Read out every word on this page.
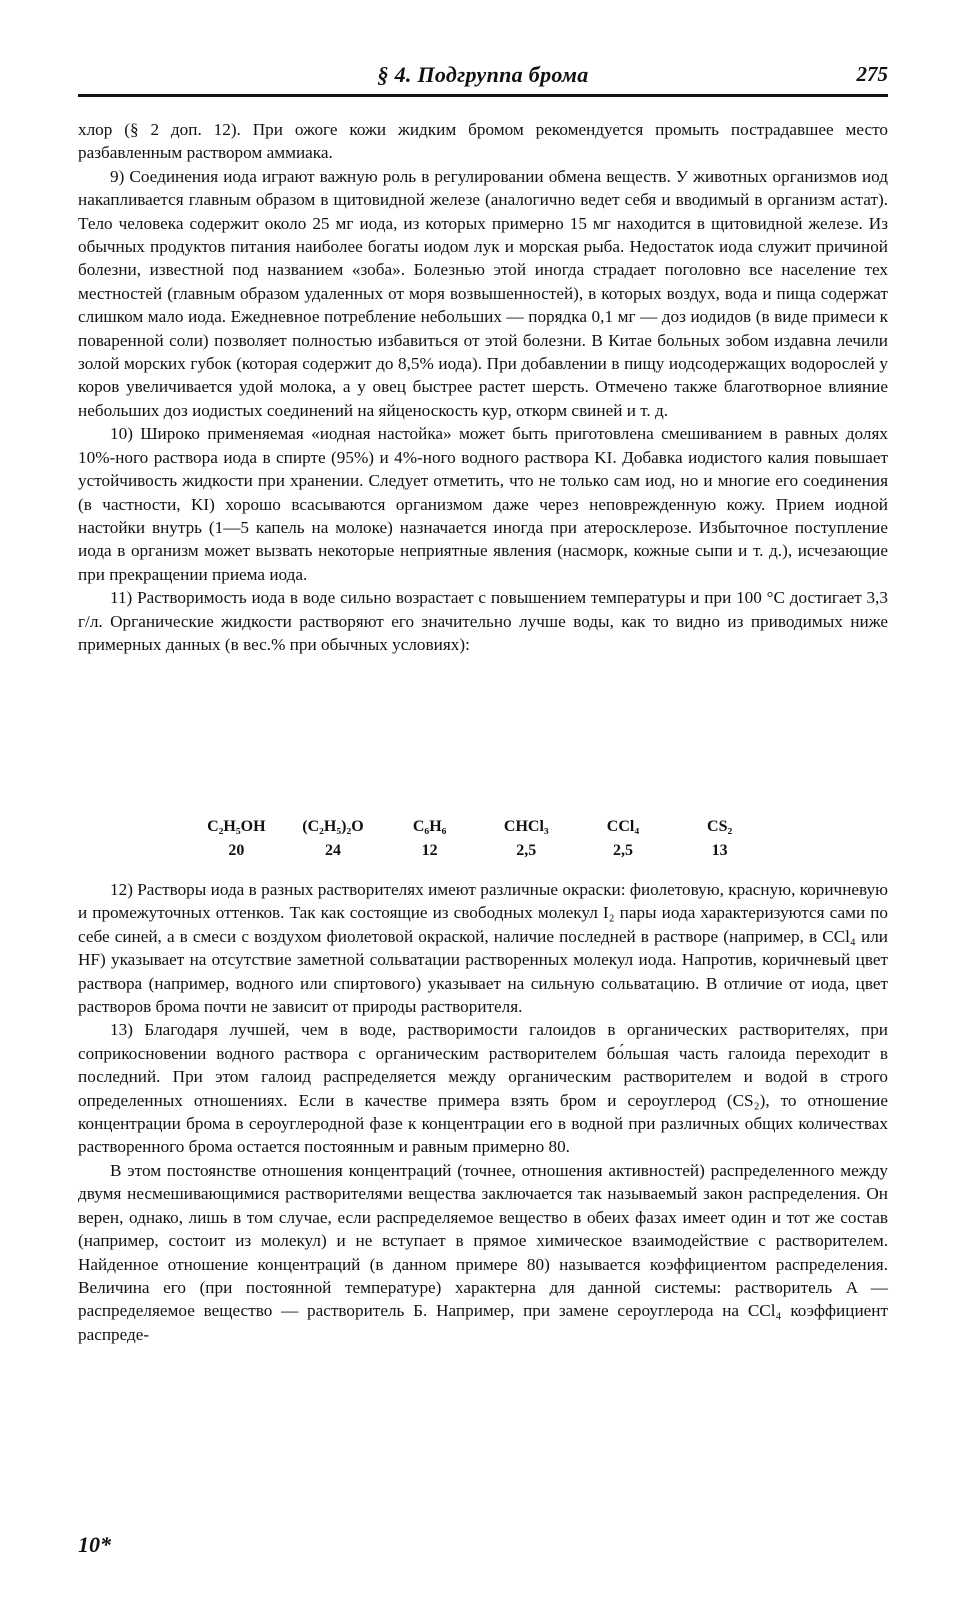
§ 4. Подгруппа брома	275

хлор (§ 2 доп. 12). При ожоге кожи жидким бромом рекомендуется промыть пострадавшее место разбавленным раствором аммиака.

9) Соединения иода играют важную роль в регулировании обмена веществ. У животных организмов иод накапливается главным образом в щитовидной железе (аналогично ведет себя и вводимый в организм астат). Тело человека содержит около 25 мг иода, из которых примерно 15 мг находится в щитовидной железе. Из обычных продуктов питания наиболее богаты иодом лук и морская рыба. Недостаток иода служит причиной болезни, известной под названием «зоба». Болезнью этой иногда страдает поголовно все население тех местностей (главным образом удаленных от моря возвышенностей), в которых воздух, вода и пища содержат слишком мало иода. Ежедневное потребление небольших — порядка 0,1 мг — доз иодидов (в виде примеси к поваренной соли) позволяет полностью избавиться от этой болезни. В Китае больных зобом издавна лечили золой морских губок (которая содержит до 8,5% иода). При добавлении в пищу иодсодержащих водорослей у коров увеличивается удой молока, а у овец быстрее растет шерсть. Отмечено также благотворное влияние небольших доз иодистых соединений на яйценоскость кур, откорм свиней и т. д.

10) Широко применяемая «иодная настойка» может быть приготовлена смешиванием в равных долях 10%-ного раствора иода в спирте (95%) и 4%-ного водного раствора KI. Добавка иодистого калия повышает устойчивость жидкости при хранении. Следует отметить, что не только сам иод, но и многие его соединения (в частности, KI) хорошо всасываются организмом даже через неповрежденную кожу. Прием иодной настойки внутрь (1—5 капель на молоке) назначается иногда при атеросклерозе. Избыточное поступление иода в организм может вызвать некоторые неприятные явления (насморк, кожные сыпи и т. д.), исчезающие при прекращении приема иода.

11) Растворимость иода в воде сильно возрастает с повышением температуры и при 100 °С достигает 3,3 г/л. Органические жидкости растворяют его значительно лучше воды, как то видно из приводимых ниже примерных данных (в вес.% при обычных условиях):

C₂H₅OH	(C₂H₅)₂O	C₆H₆	CHCl₃	CCl₄	CS₂
20	24	12	2,5	2,5	13

12) Растворы иода в разных растворителях имеют различные окраски: фиолетовую, красную, коричневую и промежуточных оттенков. Так как состоящие из свободных молекул I₂ пары иода характеризуются сами по себе синей, а в смеси с воздухом фиолетовой окраской, наличие последней в растворе (например, в CCl₄ или HF) указывает на отсутствие заметной сольватации растворенных молекул иода. Напротив, коричневый цвет раствора (например, водного или спиртового) указывает на сильную сольватацию. В отличие от иода, цвет растворов брома почти не зависит от природы растворителя.

13) Благодаря лучшей, чем в воде, растворимости галоидов в органических растворителях, при соприкосновении водного раствора с органическим растворителем бо́льшая часть галоида переходит в последний. При этом галоид распределяется между органическим растворителем и водой в строго определенных отношениях. Если в качестве примера взять бром и сероуглерод (CS₂), то отношение концентрации брома в сероуглеродной фазе к концентрации его в водной при различных общих количествах растворенного брома остается постоянным и равным примерно 80.

В этом постоянстве отношения концентраций (точнее, отношения активностей) распределенного между двумя несмешивающимися растворителями вещества заключается так называемый закон распределения. Он верен, однако, лишь в том случае, если распределяемое вещество в обеих фазах имеет один и тот же состав (например, состоит из молекул) и не вступает в прямое химическое взаимодействие с растворителем. Найденное отношение концентраций (в данном примере 80) называется коэффициентом распределения. Величина его (при постоянной температуре) характерна для данной системы: растворитель A — распределяемое вещество — растворитель Б. Например, при замене сероуглерода на CCl₄ коэффициент распреде-

10*
